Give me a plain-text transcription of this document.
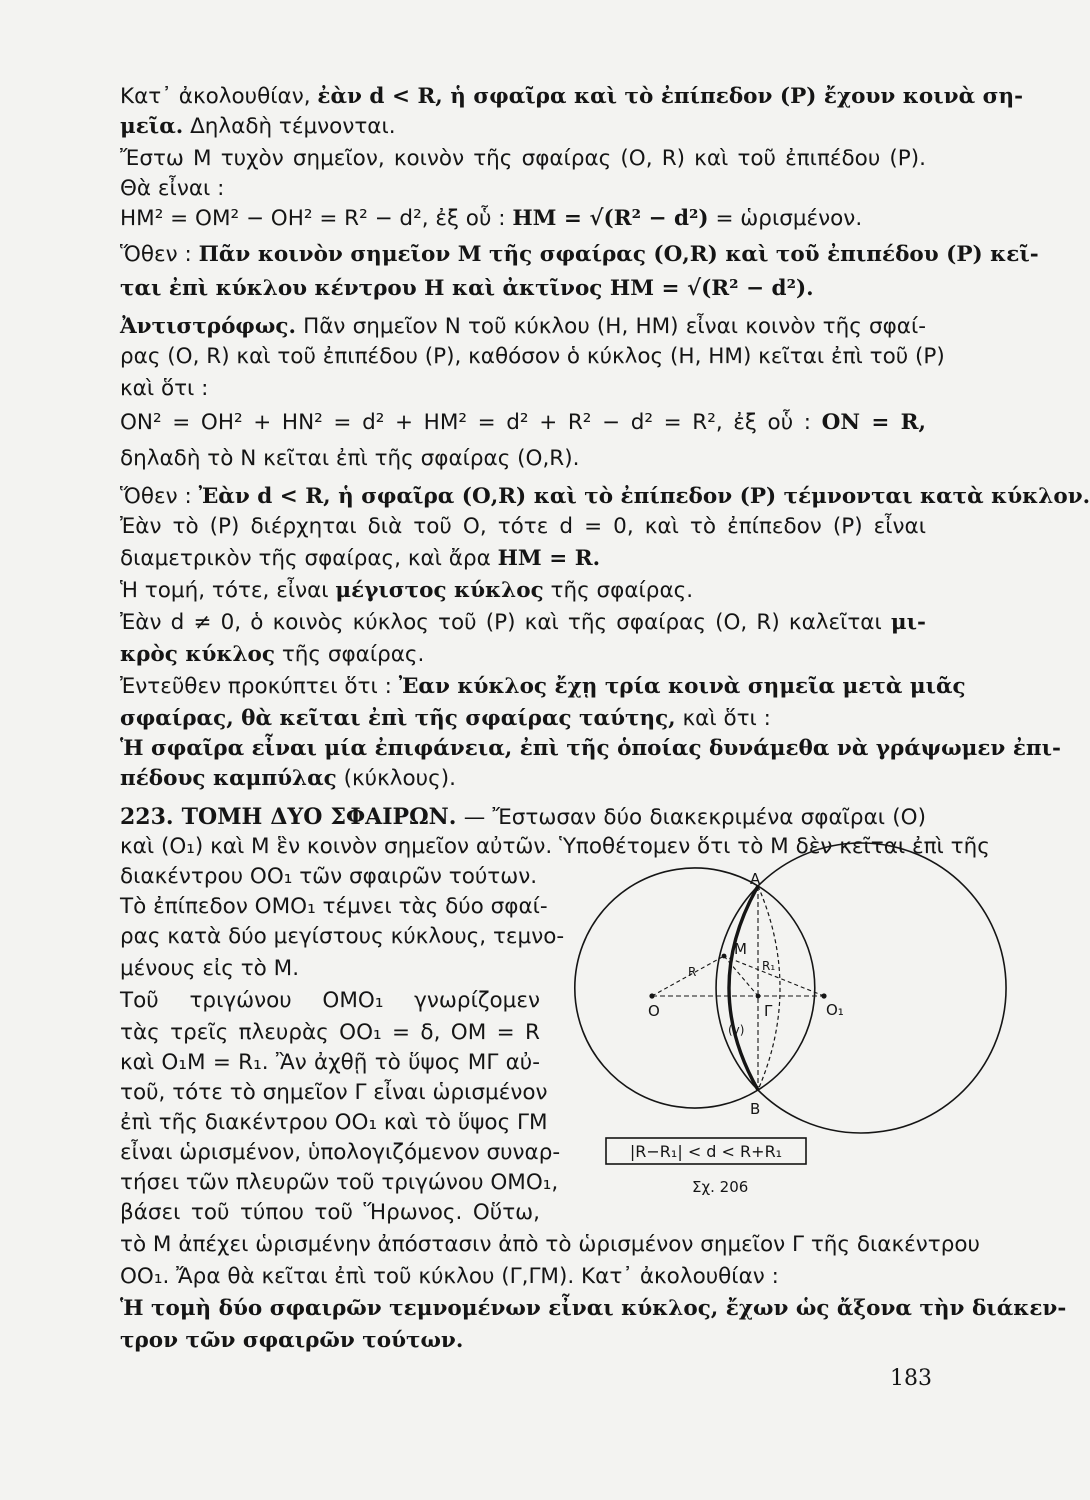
Κατ᾽ ἀκολουθίαν, ἐὰν d < R, ἡ σφαῖρα καὶ τὸ ἐπίπεδον (P) ἔχουν κοινὰ ση-
μεῖα. Δηλαδὴ τέμνονται.
Ἔστω Μ τυχὸν σημεῖον, κοινὸν τῆς σφαίρας (Ο, R) καὶ τοῦ ἐπιπέδου (Ρ).
Θὰ εἶναι :
ΗΜ² = ΟΜ² − ΟΗ² = R² − d², ἐξ οὗ : ΗΜ = √(R² − d²) = ὡρισμένον.
Ὅθεν : Πᾶν κοινὸν σημεῖον Μ τῆς σφαίρας (Ο,R) καὶ τοῦ ἐπιπέδου (Ρ) κεῖ-
ται ἐπὶ κύκλου κέντρου Η καὶ ἀκτῖνος ΗΜ = √(R² − d²).
Ἀντιστρόφως. Πᾶν σημεῖον Ν τοῦ κύκλου (Η, ΗΜ) εἶναι κοινὸν τῆς σφαί-
ρας (Ο, R) καὶ τοῦ ἐπιπέδου (Ρ), καθόσον ὁ κύκλος (Η, ΗΜ) κεῖται ἐπὶ τοῦ (Ρ)
καὶ ὅτι :
ΟΝ² = ΟΗ² + ΗΝ² = d² + ΗΜ² = d² + R² − d² = R², ἐξ οὗ : ΟΝ = R,
δηλαδὴ τὸ Ν κεῖται ἐπὶ τῆς σφαίρας (Ο,R).
Ὅθεν : Ἐὰν d < R, ἡ σφαῖρα (Ο,R) καὶ τὸ ἐπίπεδον (Ρ) τέμνονται κατὰ κύκλον.
Ἐὰν τὸ (Ρ) διέρχηται διὰ τοῦ Ο, τότε d = 0, καὶ τὸ ἐπίπεδον (Ρ) εἶναι
διαμετρικὸν τῆς σφαίρας, καὶ ἄρα ΗΜ = R.
Ἡ τομή, τότε, εἶναι μέγιστος κύκλος τῆς σφαίρας.
Ἐὰν d ≠ 0, ὁ κοινὸς κύκλος τοῦ (Ρ) καὶ τῆς σφαίρας (Ο, R) καλεῖται μι-
κρὸς κύκλος τῆς σφαίρας.
Ἐντεῦθεν προκύπτει ὅτι : Ἐαν κύκλος ἔχῃ τρία κοινὰ σημεῖα μετὰ μιᾶς
σφαίρας, θὰ κεῖται ἐπὶ τῆς σφαίρας ταύτης, καὶ ὅτι :
Ἡ σφαῖρα εἶναι μία ἐπιφάνεια, ἐπὶ τῆς ὁποίας δυνάμεθα νὰ γράψωμεν ἐπι-
πέδους καμπύλας (κύκλους).
223. ΤΟΜΗ ΔΥΟ ΣΦΑΙΡΩΝ. — Ἔστωσαν δύο διακεκριμένα σφαῖραι (Ο)
καὶ (Ο₁) καὶ Μ ἓν κοινὸν σημεῖον αὐτῶν. Ὑποθέτομεν ὅτι τὸ Μ δὲν κεῖται ἐπὶ τῆς
διακέντρου ΟΟ₁ τῶν σφαιρῶν τούτων.
Τὸ ἐπίπεδον ΟΜΟ₁ τέμνει τὰς δύο σφαί-
ρας κατὰ δύο μεγίστους κύκλους, τεμνο-
μένους εἰς τὸ Μ.
Τοῦ τριγώνου ΟΜΟ₁ γνωρίζομεν
τὰς τρεῖς πλευρὰς ΟΟ₁ = δ, ΟΜ = R
καὶ Ο₁Μ = R₁. Ἂν ἀχθῇ τὸ ὕψος ΜΓ αὐ-
τοῦ, τότε τὸ σημεῖον Γ εἶναι ὡρισμένον
ἐπὶ τῆς διακέντρου ΟΟ₁ καὶ τὸ ὕψος ΓΜ
εἶναι ὡρισμένον, ὑπολογιζόμενον συναρ-
τήσει τῶν πλευρῶν τοῦ τριγώνου ΟΜΟ₁,
βάσει τοῦ τύπου τοῦ Ἥρωνος. Οὕτω,
τὸ Μ ἀπέχει ὡρισμένην ἀπόστασιν ἀπὸ τὸ ὡρισμένον σημεῖον Γ τῆς διακέντρου
ΟΟ₁. Ἄρα θὰ κεῖται ἐπὶ τοῦ κύκλου (Γ,ΓΜ). Κατ᾽ ἀκολουθίαν :
Ἡ τομὴ δύο σφαιρῶν τεμνομένων εἶναι κύκλος, ἔχων ὡς ἄξονα τὴν διάκεν-
τρον τῶν σφαιρῶν τούτων.
A
B
M
O	O₁
Γ
(γ)
R	R₁
|R−R₁| < d < R+R₁
Σχ. 206
183
